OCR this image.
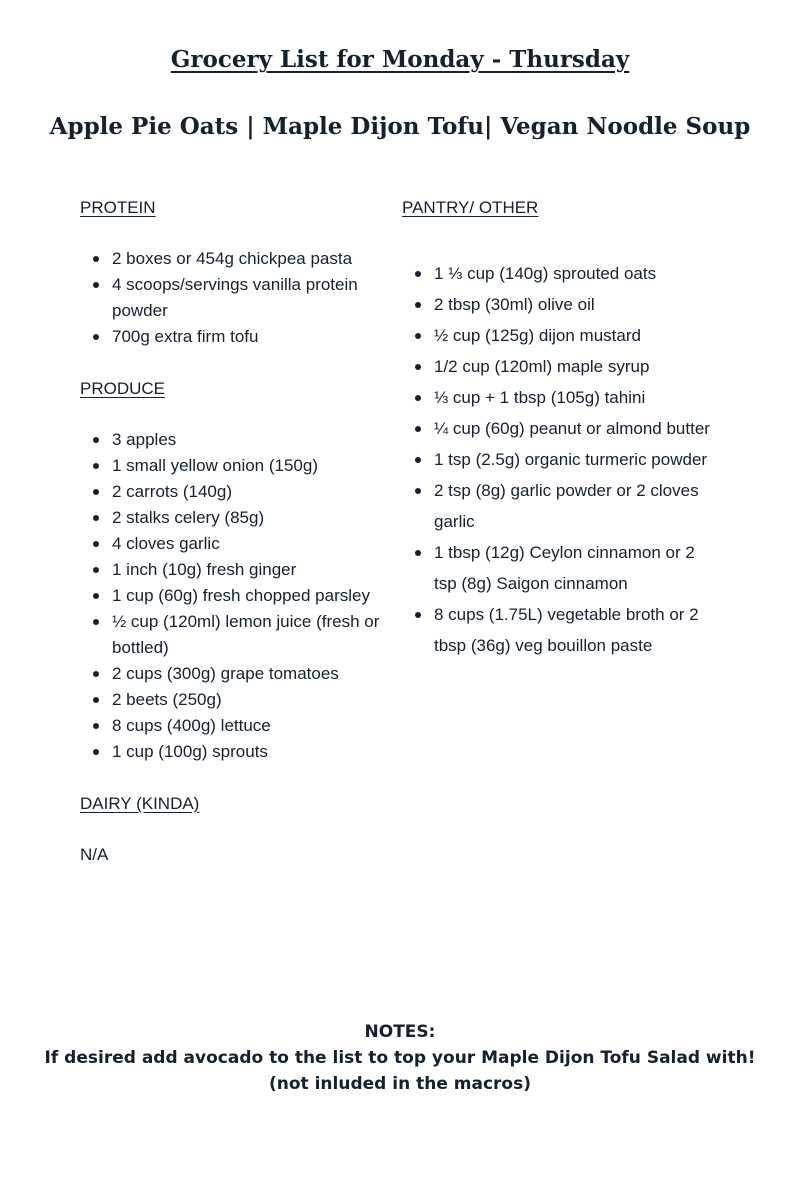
Grocery List for Monday - Thursday
Apple Pie Oats | Maple Dijon Tofu| Vegan Noodle Soup
PROTEIN
2 boxes or 454g chickpea pasta
4 scoops/servings vanilla protein powder
700g extra firm tofu
PRODUCE
3 apples
1 small yellow onion (150g)
2 carrots (140g)
2 stalks celery (85g)
4 cloves garlic
1 inch (10g) fresh ginger
1 cup (60g) fresh chopped parsley
½ cup (120ml) lemon juice (fresh or bottled)
2 cups (300g) grape tomatoes
2 beets (250g)
8 cups (400g) lettuce
1 cup (100g) sprouts
DAIRY (KINDA)
N/A
PANTRY/ OTHER
1 ⅓ cup (140g) sprouted oats
2 tbsp (30ml) olive oil
½ cup (125g) dijon mustard
1/2 cup (120ml) maple syrup
⅓ cup + 1 tbsp (105g) tahini
¼ cup (60g) peanut or almond butter
1 tsp (2.5g) organic turmeric powder
2 tsp (8g) garlic powder or 2 cloves garlic
1 tbsp (12g) Ceylon cinnamon or 2 tsp (8g) Saigon cinnamon
8 cups (1.75L) vegetable broth or 2 tbsp (36g) veg bouillon paste
NOTES:
If desired add avocado to the list to top your Maple Dijon Tofu Salad with!
(not inluded in the macros)
